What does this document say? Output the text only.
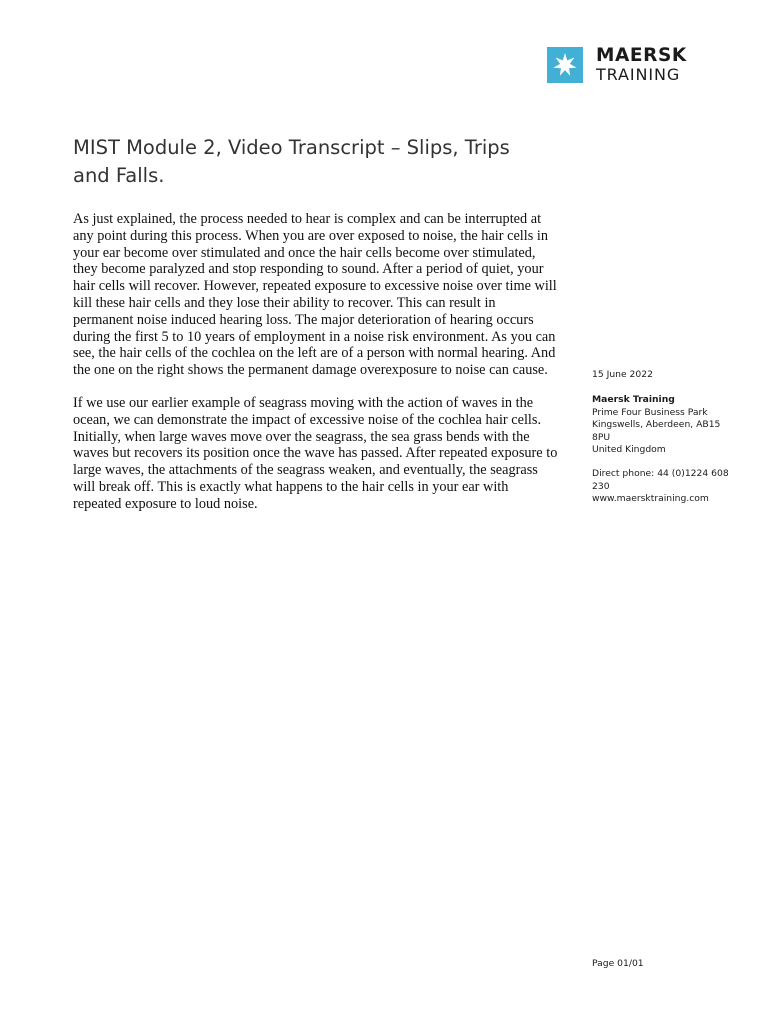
MAERSK
TRAINING
MIST Module 2, Video Transcript – Slips, Trips and Falls.

As just explained, the process needed to hear is complex and can be interrupted at any point during this process. When you are over exposed to noise, the hair cells in your ear become over stimulated and once the hair cells become over stimulated, they become paralyzed and stop responding to sound. After a period of quiet, your hair cells will recover. However, repeated exposure to excessive noise over time will kill these hair cells and they lose their ability to recover. This can result in permanent noise induced hearing loss. The major deterioration of hearing occurs during the first 5 to 10 years of employment in a noise risk environment. As you can see, the hair cells of the cochlea on the left are of a person with normal hearing. And the one on the right shows the permanent damage overexposure to noise can cause.

If we use our earlier example of seagrass moving with the action of waves in the ocean, we can demonstrate the impact of excessive noise of the cochlea hair cells. Initially, when large waves move over the seagrass, the sea grass bends with the waves but recovers its position once the wave has passed. After repeated exposure to large waves, the attachments of the seagrass weaken, and eventually, the seagrass will break off. This is exactly what happens to the hair cells in your ear with repeated exposure to loud noise.

15 June 2022
Maersk Training
Prime Four Business Park
Kingswells, Aberdeen, AB15
8PU
United Kingdom
Direct phone: 44 (0)1224 608 230
www.maersktraining.com
Page 01/01
